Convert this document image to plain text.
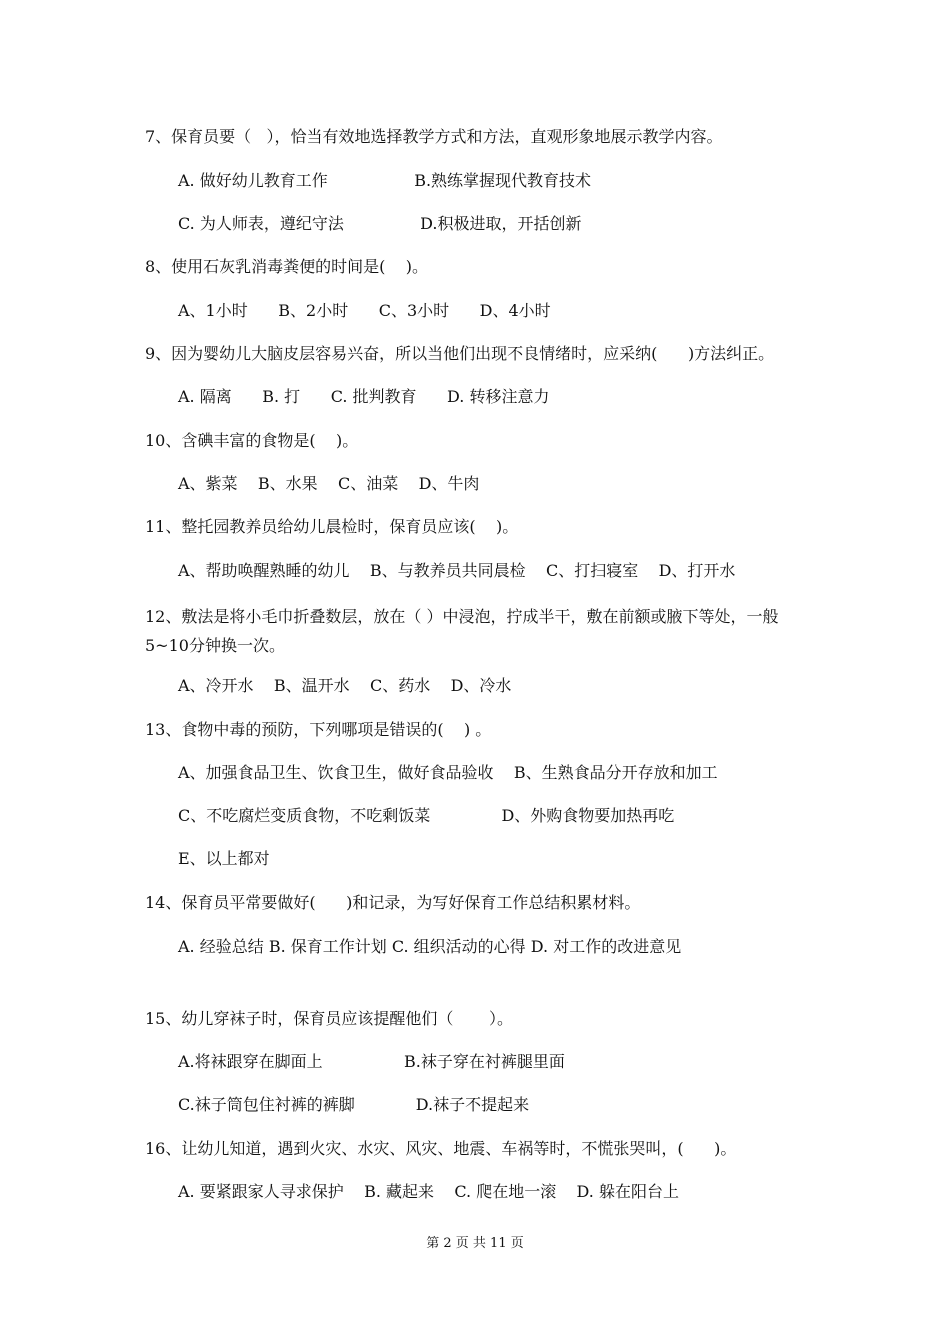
7、保育员要（   ），恰当有效地选择教学方式和方法，直观形象地展示教学内容。
A. 做好幼儿教育工作                 B.熟练掌握现代教育技术
C. 为人师表，遵纪守法               D.积极进取，开括创新
8、使用石灰乳消毒粪便的时间是(    )。
A、1小时      B、2小时      C、3小时      D、4小时
9、因为婴幼儿大脑皮层容易兴奋，所以当他们出现不良情绪时，应采纳(      )方法纠正。
A. 隔离      B. 打      C. 批判教育      D. 转移注意力
10、含碘丰富的食物是(    )。
A、紫菜    B、水果    C、油菜    D、牛肉
11、整托园教养员给幼儿晨检时，保育员应该(    )。
A、帮助唤醒熟睡的幼儿    B、与教养员共同晨检    C、打扫寝室    D、打开水
12、敷法是将小毛巾折叠数层，放在（ ）中浸泡，拧成半干，敷在前额或腋下等处，一般5~10分钟换一次。
A、冷开水    B、温开水    C、药水    D、冷水
13、食物中毒的预防，下列哪项是错误的(    ) 。
A、加强食品卫生、饮食卫生，做好食品验收    B、生熟食品分开存放和加工
C、不吃腐烂变质食物，不吃剩饭菜              D、外购食物要加热再吃
E、以上都对
14、保育员平常要做好(      )和记录，为写好保育工作总结积累材料。
A. 经验总结 B. 保育工作计划 C. 组织活动的心得 D. 对工作的改进意见
15、幼儿穿袜子时，保育员应该提醒他们（       ）。
A.将袜跟穿在脚面上                B.袜子穿在衬裤腿里面
C.袜子筒包住衬裤的裤脚            D.袜子不提起来
16、让幼儿知道，遇到火灾、水灾、风灾、地震、车祸等时，不慌张哭叫，(      )。
A. 要紧跟家人寻求保护    B. 藏起来    C. 爬在地一滚    D. 躲在阳台上
第 2 页 共 11 页
